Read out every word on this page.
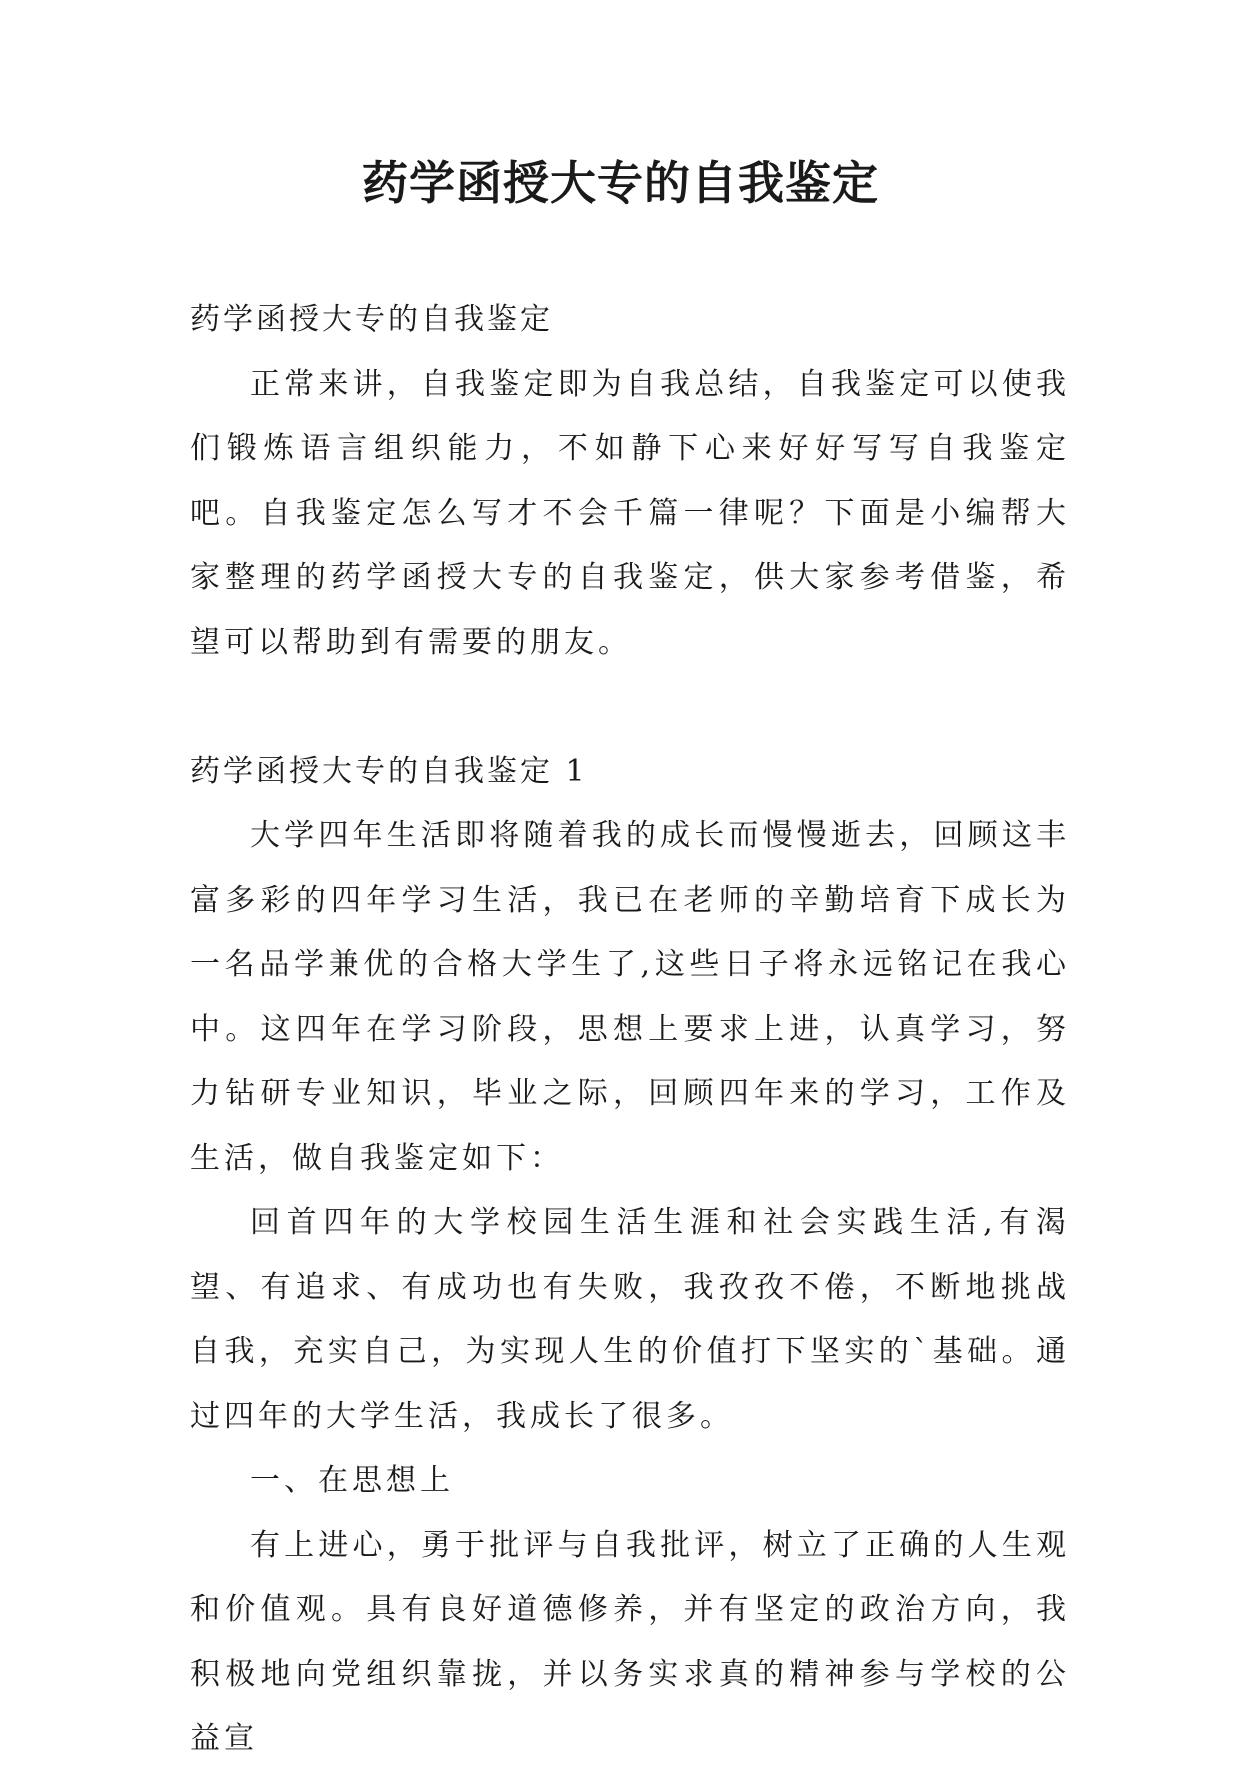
药学函授大专的自我鉴定

药学函授大专的自我鉴定

正常来讲，自我鉴定即为自我总结，自我鉴定可以使我们锻炼语言组织能力，不如静下心来好好写写自我鉴定吧。自我鉴定怎么写才不会千篇一律呢？下面是小编帮大家整理的药学函授大专的自我鉴定，供大家参考借鉴，希望可以帮助到有需要的朋友。

药学函授大专的自我鉴定 1

大学四年生活即将随着我的成长而慢慢逝去，回顾这丰富多彩的四年学习生活，我已在老师的辛勤培育下成长为一名品学兼优的合格大学生了,这些日子将永远铭记在我心中。这四年在学习阶段，思想上要求上进，认真学习，努力钻研专业知识，毕业之际，回顾四年来的学习，工作及生活，做自我鉴定如下：

回首四年的大学校园生活生涯和社会实践生活,有渴望、有追求、有成功也有失败，我孜孜不倦，不断地挑战自我，充实自己，为实现人生的价值打下坚实的`基础。通过四年的大学生活，我成长了很多。

一、在思想上

有上进心，勇于批评与自我批评，树立了正确的人生观和价值观。具有良好道德修养，并有坚定的政治方向，我积极地向党组织靠拢，并以务实求真的精神参与学校的公益宣
